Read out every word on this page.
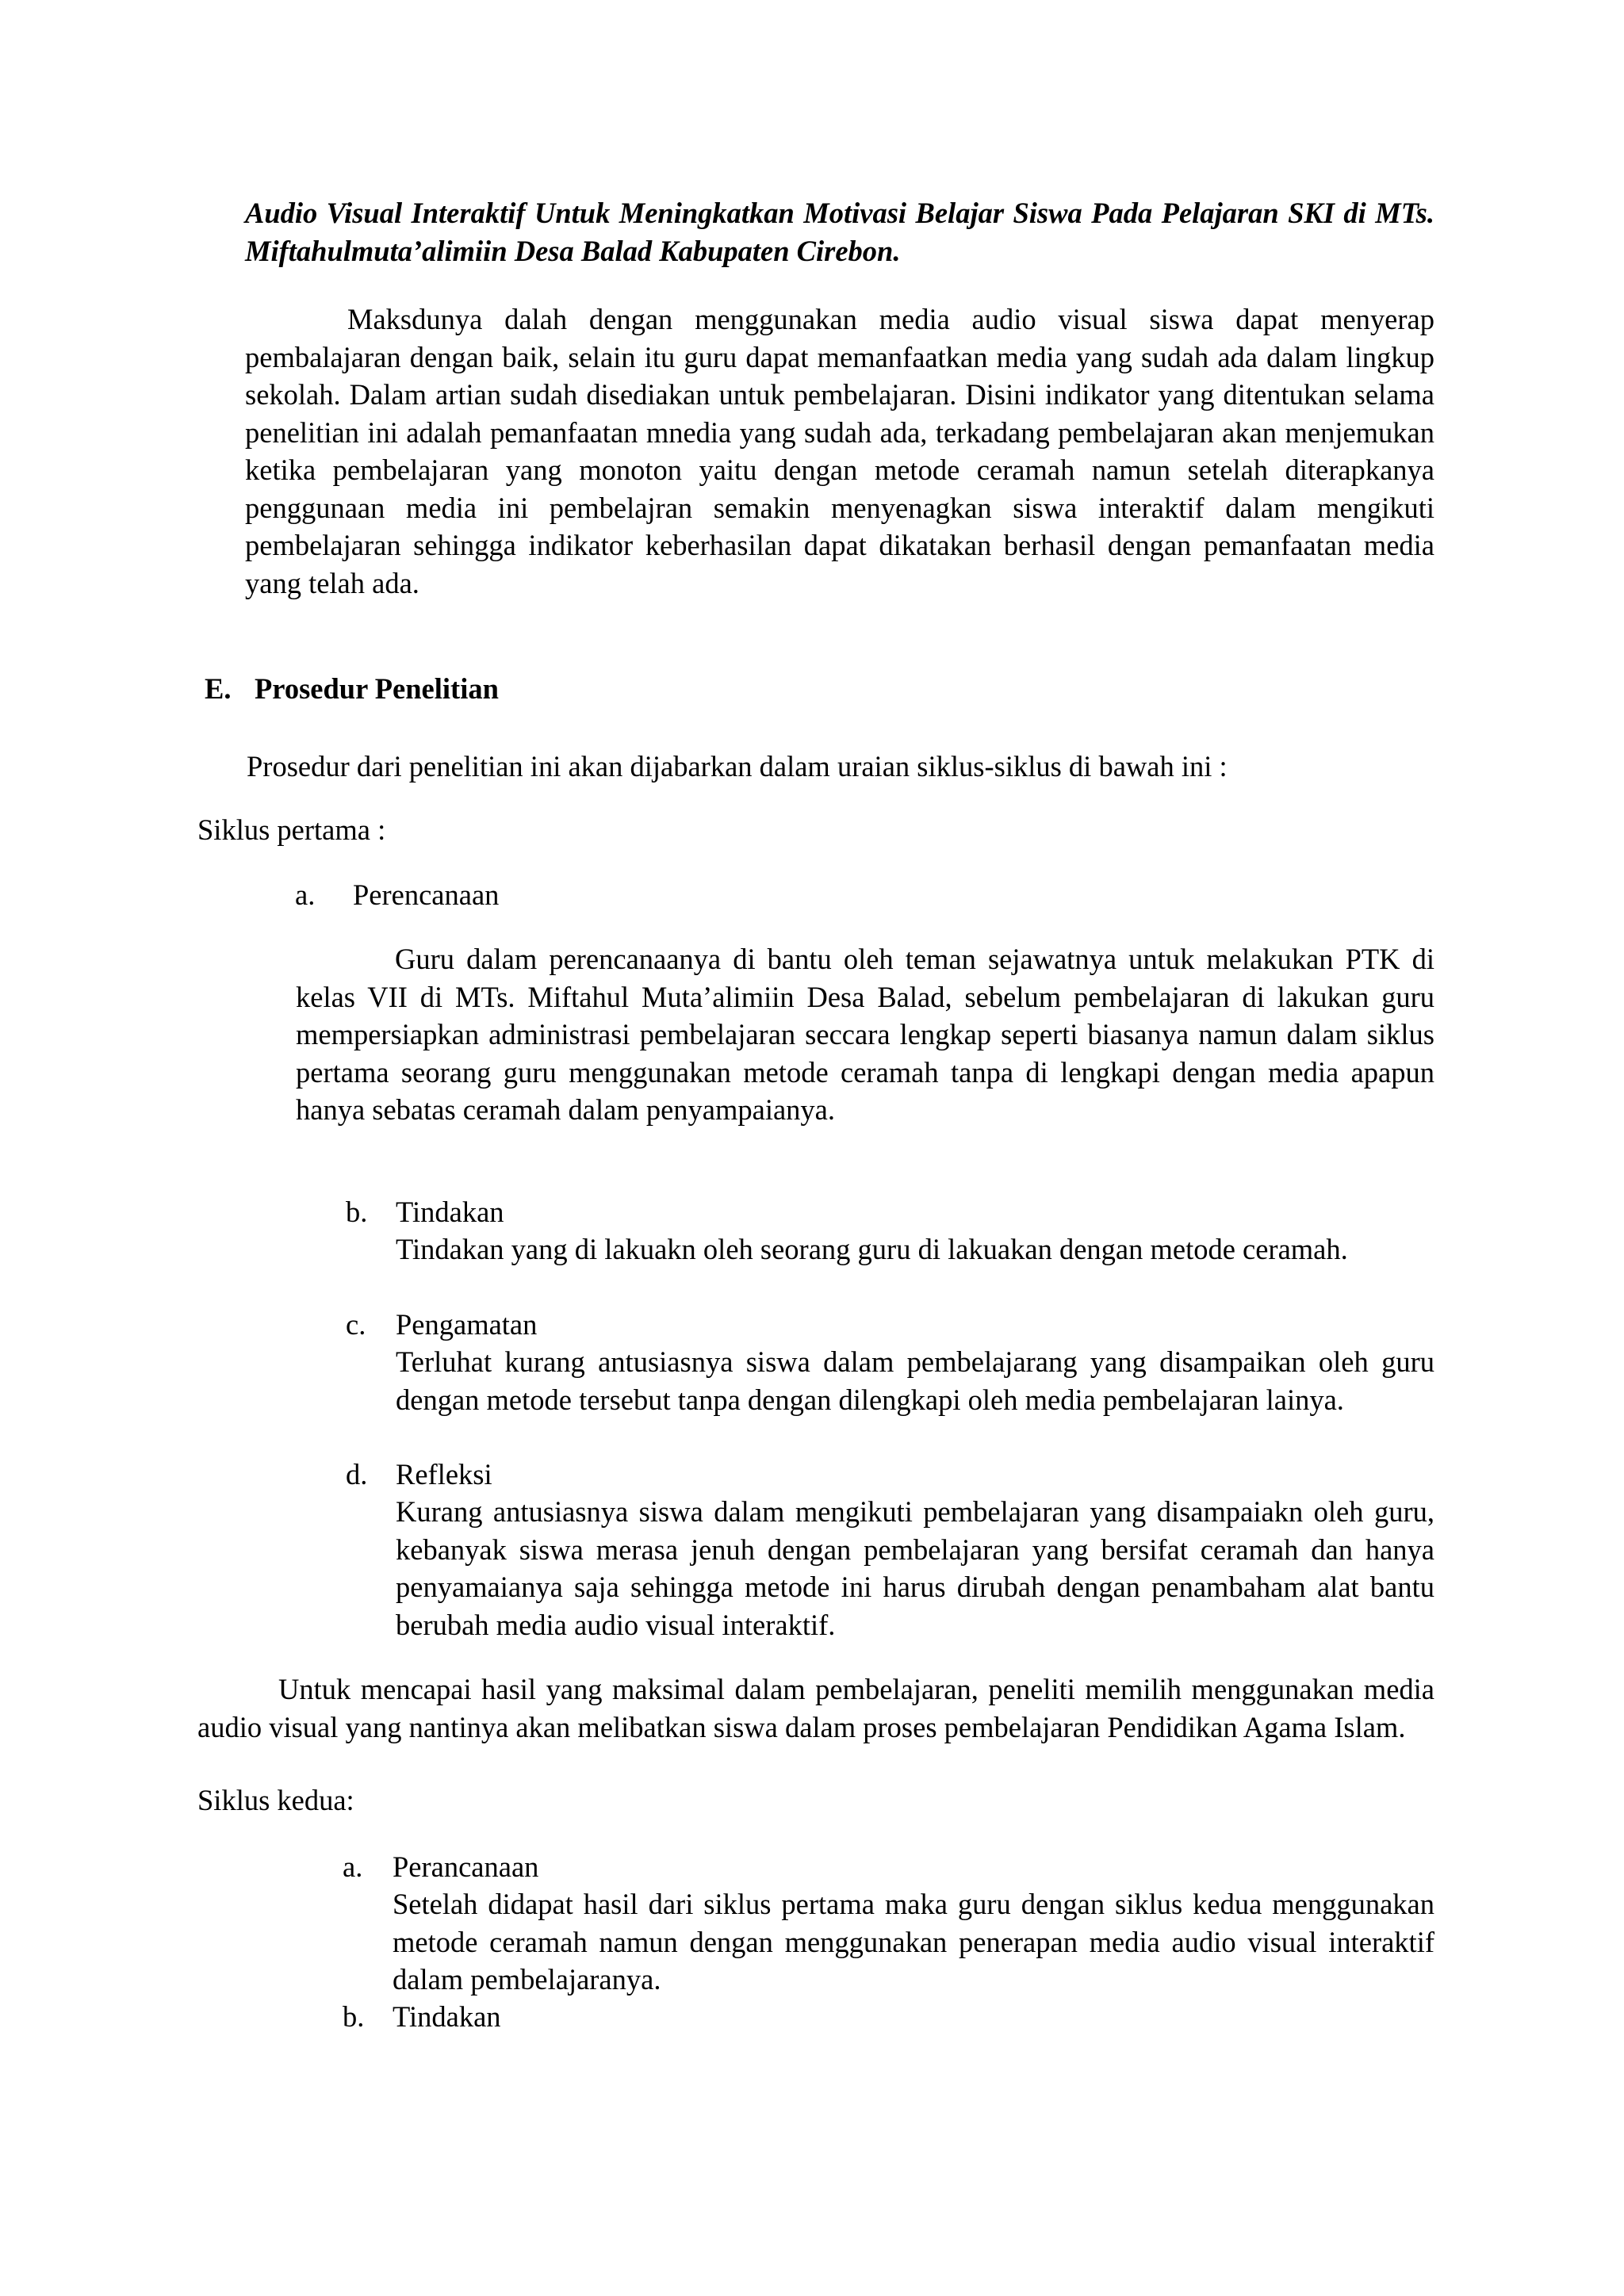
Audio Visual Interaktif Untuk Meningkatkan Motivasi Belajar Siswa Pada Pelajaran SKI di MTs. Miftahulmuta’alimiin Desa Balad Kabupaten Cirebon.

Maksdunya dalah dengan menggunakan media audio visual siswa dapat menyerap pembalajaran dengan baik, selain itu guru dapat memanfaatkan media yang sudah ada dalam lingkup sekolah. Dalam artian sudah disediakan untuk pembelajaran. Disini indikator yang ditentukan selama penelitian ini adalah pemanfaatan mnedia yang sudah ada, terkadang pembelajaran akan menjemukan ketika pembelajaran yang monoton yaitu dengan metode ceramah namun setelah diterapkanya penggunaan media ini pembelajran semakin menyenagkan siswa interaktif dalam mengikuti pembelajaran sehingga indikator keberhasilan dapat dikatakan berhasil dengan pemanfaatan media yang telah ada.

E. Prosedur Penelitian

Prosedur dari penelitian ini akan dijabarkan dalam uraian siklus-siklus di bawah ini :

Siklus pertama :

a. Perencanaan

Guru dalam perencanaanya di bantu oleh teman sejawatnya untuk melakukan PTK di kelas VII di MTs. Miftahul Muta’alimiin Desa Balad, sebelum pembelajaran di lakukan guru mempersiapkan administrasi pembelajaran seccara lengkap seperti biasanya namun dalam siklus pertama seorang guru menggunakan metode ceramah tanpa di lengkapi dengan media apapun hanya sebatas ceramah dalam penyampaianya.

b. Tindakan

Tindakan yang di lakuakn oleh seorang guru di lakuakan dengan metode ceramah.

c. Pengamatan

Terluhat kurang antusiasnya siswa dalam pembelajarang yang disampaikan oleh guru dengan metode tersebut tanpa dengan dilengkapi oleh media pembelajaran lainya.

d. Refleksi

Kurang antusiasnya siswa dalam mengikuti pembelajaran yang disampaiakn oleh guru, kebanyak siswa merasa jenuh dengan pembelajaran yang bersifat ceramah dan hanya penyamaianya saja sehingga metode ini harus dirubah dengan penambaham alat bantu berubah media audio visual interaktif.

Untuk mencapai hasil yang maksimal dalam pembelajaran, peneliti memilih menggunakan media audio visual yang nantinya akan melibatkan siswa dalam proses pembelajaran Pendidikan Agama Islam.

Siklus kedua:

a. Perancanaan

Setelah didapat hasil dari siklus pertama maka guru dengan siklus kedua menggunakan metode ceramah namun dengan menggunakan penerapan media audio visual interaktif dalam pembelajaranya.

b. Tindakan
